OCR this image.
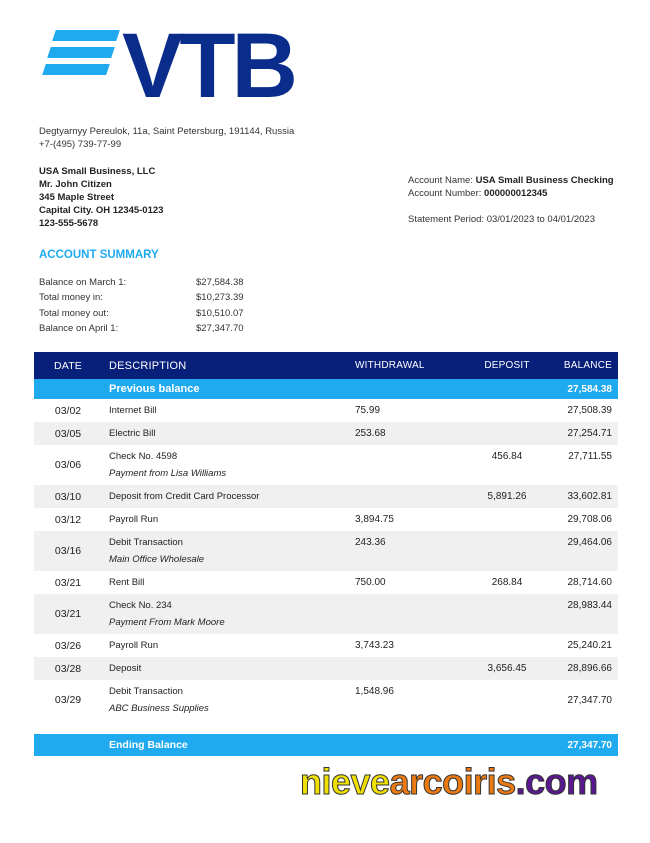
VTB
Degtyarnyy Pereulok, 11a, Saint Petersburg, 191144, Russia
+7-(495) 739-77-99
USA Small Business, LLC
Mr. John Citizen
345 Maple Street
Capital City. OH 12345-0123
123-555-5678
Account Name: USA Small Business Checking
Account Number: 000000012345
Statement Period: 03/01/2023 to 04/01/2023
ACCOUNT SUMMARY
Balance on March 1:	$27,584.38
Total money in:	$10,273.39
Total money out:	$10,510.07
Balance on April 1:	$27,347.70
DATE	DESCRIPTION	WITHDRAWAL	DEPOSIT	BALANCE
	Previous balance			27,584.38
03/02	Internet Bill	75.99		27,508.39
03/05	Electric Bill	253.68		27,254.71
03/06	Check No. 4598
Payment from Lisa Williams		456.84	27,711.55
03/10	Deposit from Credit Card Processor		5,891.26	33,602.81
03/12	Payroll Run	3,894.75		29,708.06
03/16	Debit Transaction
Main Office Wholesale	243.36		29,464.06
03/21	Rent Bill	750.00	268.84	28,714.60
03/21	Check No. 234
Payment From Mark Moore			28,983.44
03/26	Payroll Run	3,743.23		25,240.21
03/28	Deposit		3,656.45	28,896.66
03/29	Debit Transaction
ABC Business Supplies	1,548.96		27,347.70

	Ending Balance			27,347.70
nievearcoiris.com
